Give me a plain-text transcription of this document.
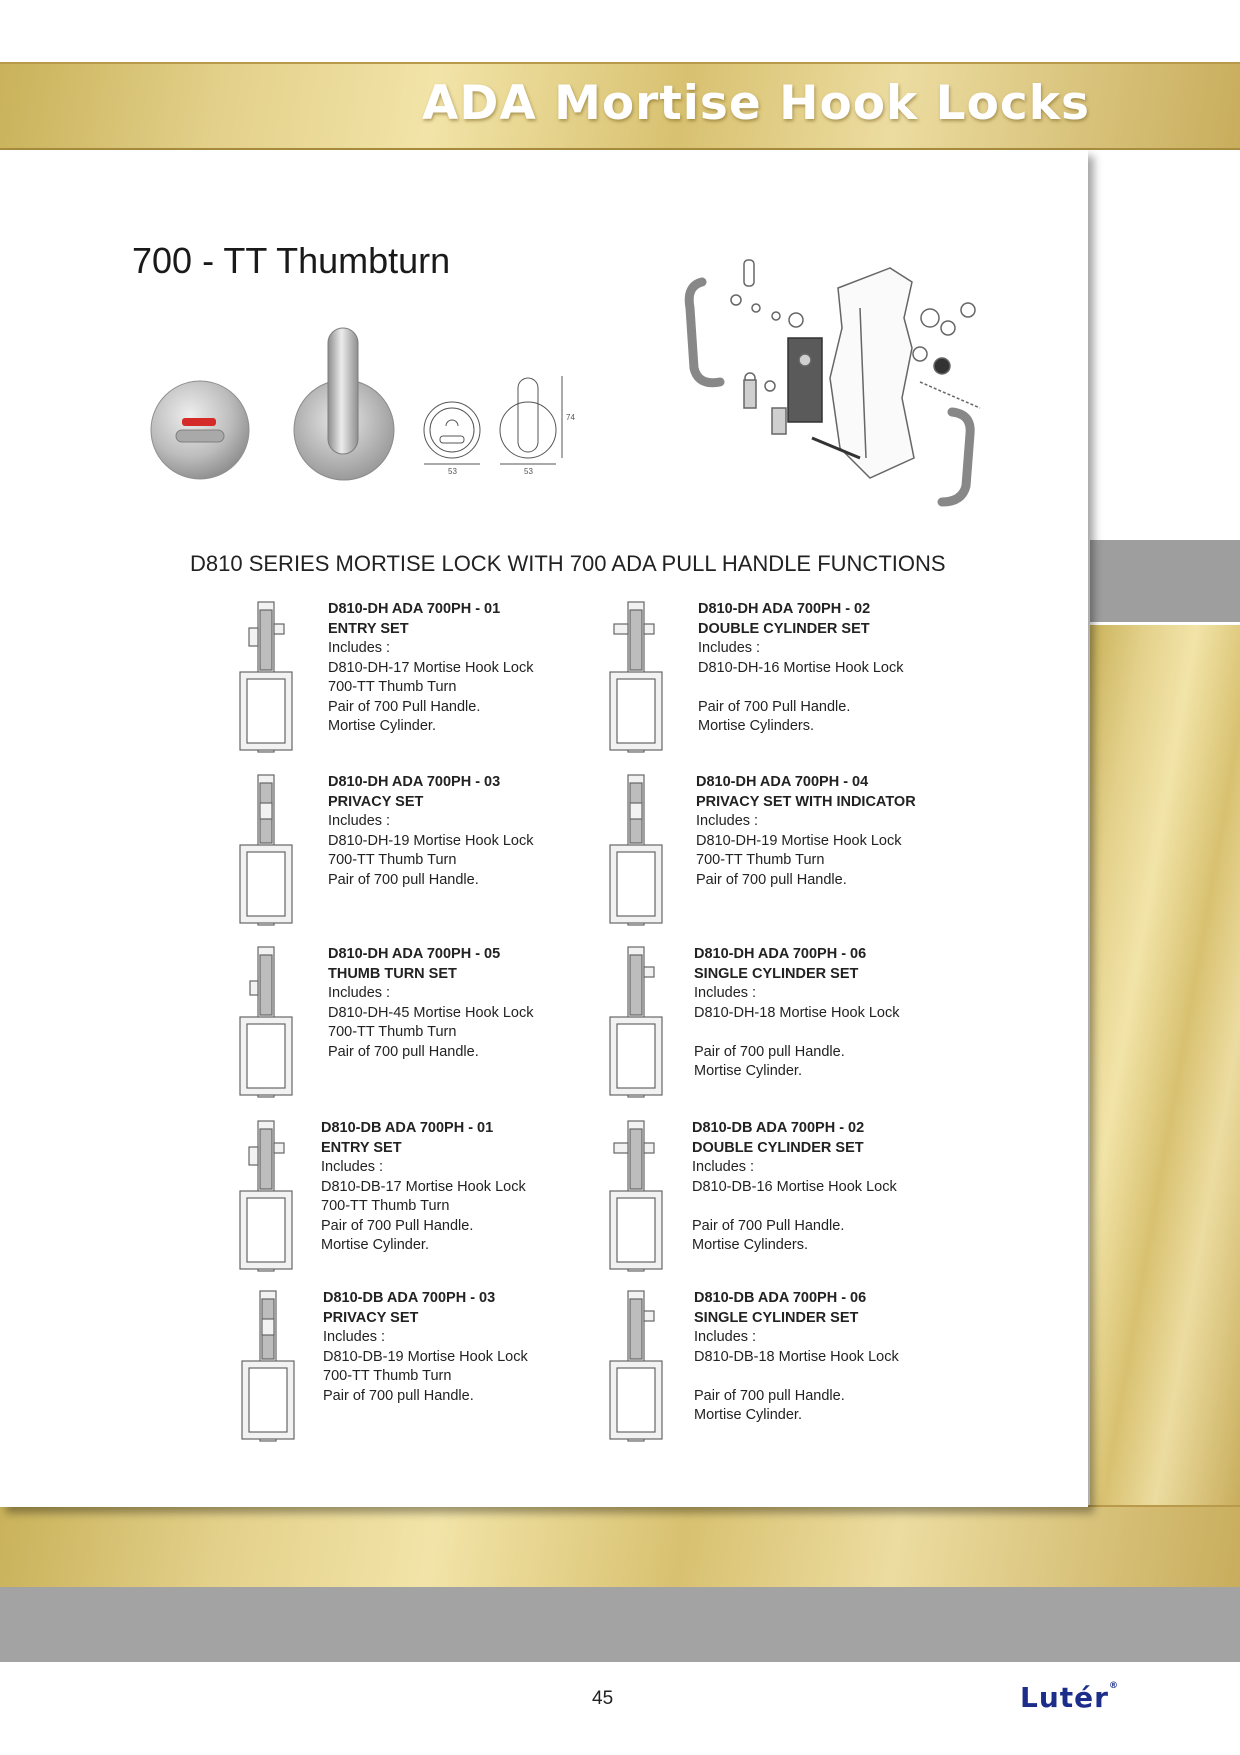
ADA Mortise Hook Locks
700 - TT Thumbturn
53	53
74
D810 SERIES MORTISE LOCK WITH 700 ADA PULL HANDLE FUNCTIONS
D810-DH ADA 700PH - 01
ENTRY SET
Includes :
D810-DH-17 Mortise Hook Lock
700-TT Thumb Turn
Pair of 700 Pull Handle.
Mortise Cylinder.
D810-DH ADA 700PH - 02
DOUBLE CYLINDER SET
Includes :
D810-DH-16 Mortise Hook Lock
Pair of 700 Pull Handle.
Mortise Cylinders.
D810-DH ADA 700PH - 03
PRIVACY SET
Includes :
D810-DH-19 Mortise Hook Lock
700-TT Thumb Turn
Pair of 700 pull Handle.
D810-DH ADA 700PH - 04
PRIVACY SET WITH INDICATOR
Includes :
D810-DH-19 Mortise Hook Lock
700-TT Thumb Turn
Pair of 700 pull Handle.
D810-DH ADA 700PH - 05
THUMB TURN SET
Includes :
D810-DH-45 Mortise Hook Lock
700-TT Thumb Turn
Pair of 700 pull Handle.
D810-DH ADA 700PH - 06
SINGLE CYLINDER SET
Includes :
D810-DH-18 Mortise Hook Lock
Pair of 700 pull Handle.
Mortise Cylinder.
D810-DB ADA 700PH - 01
ENTRY SET
Includes :
D810-DB-17 Mortise Hook Lock
700-TT Thumb Turn
Pair of 700 Pull Handle.
Mortise Cylinder.
D810-DB ADA 700PH - 02
DOUBLE CYLINDER SET
Includes :
D810-DB-16 Mortise Hook Lock
Pair of 700 Pull Handle.
Mortise Cylinders.
D810-DB ADA 700PH - 03
PRIVACY SET
Includes :
D810-DB-19 Mortise Hook Lock
700-TT Thumb Turn
Pair of 700 pull Handle.
D810-DB ADA 700PH - 06
SINGLE CYLINDER SET
Includes :
D810-DB-18 Mortise Hook Lock
Pair of 700 pull Handle.
Mortise Cylinder.
45	Lutér®
